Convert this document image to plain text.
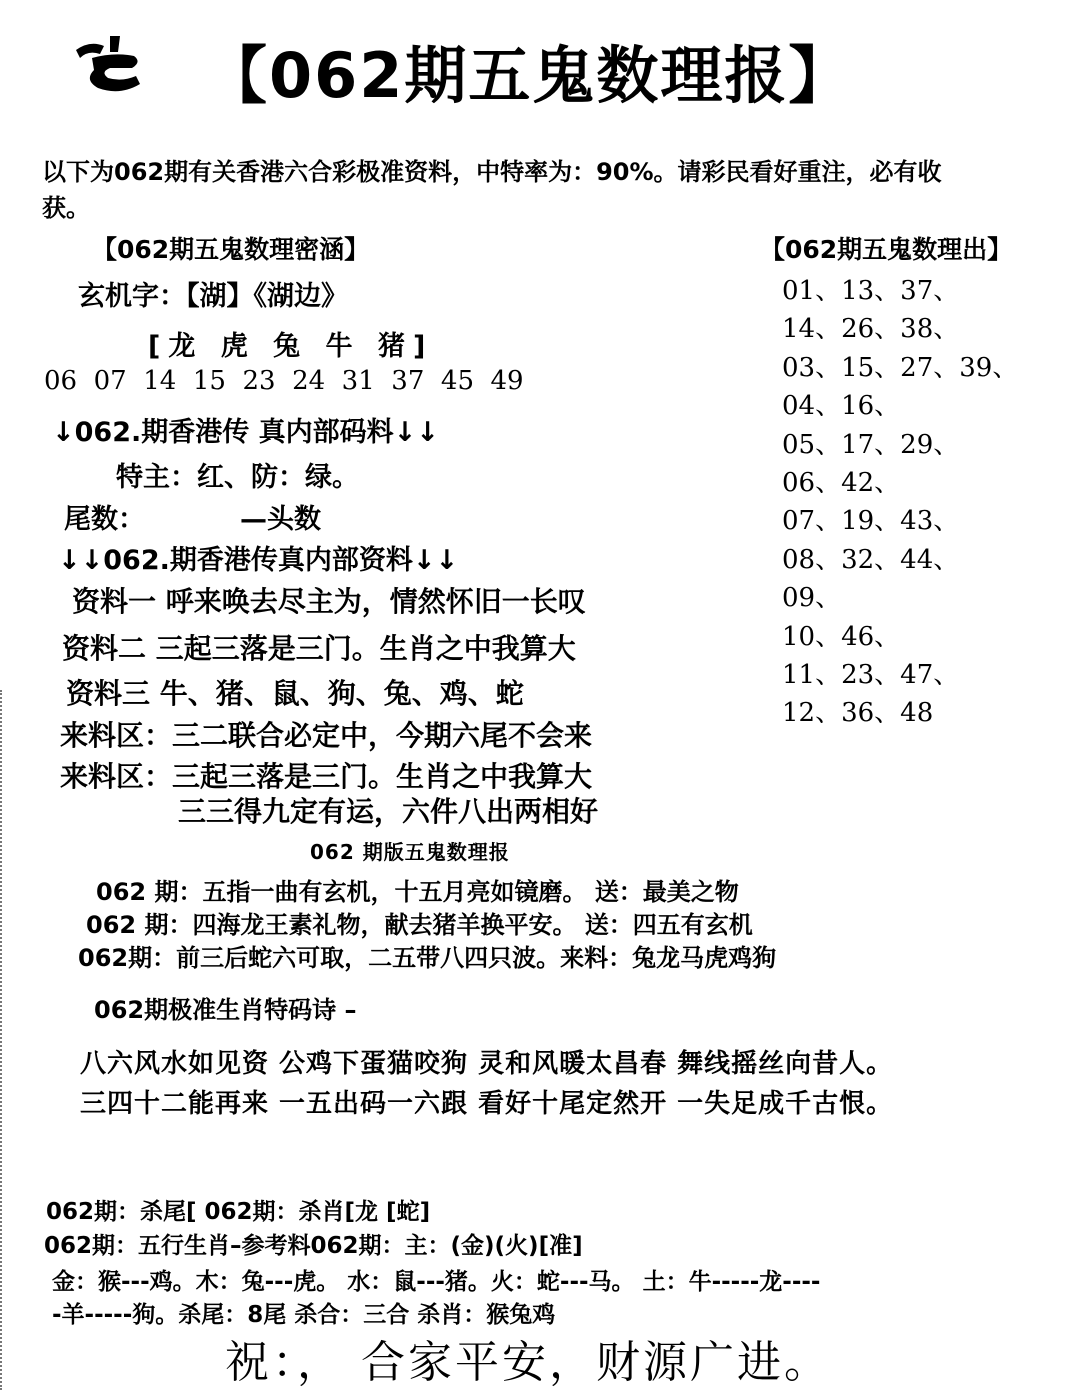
【062期五鬼数理报】
以下为062期有关香港六合彩极准资料，中特率为：90%。请彩民看好重注，必有收
获。
【062期五鬼数理密涵】
玄机字：【湖】《湖边》
[龙 虎 兔 牛 猪]
06  07  14  15  23  24  31  37  45  49
↓062.期香港传 真内部码料↓↓
特主：红、防：绿。
尾数：	—头数
↓↓062.期香港传真内部资料↓↓
资料一 呼来唤去尽主为，情然怀旧一长叹
资料二 三起三落是三门。生肖之中我算大
资料三 牛、猪、鼠、狗、兔、鸡、蛇
来料区：三二联合必定中，今期六尾不会来
来料区：三起三落是三门。生肖之中我算大
三三得九定有运，六件八出两相好
【062期五鬼数理出】
01、13、37、
14、26、38、
03、15、27、39、
04、16、
05、17、29、
06、42、
07、19、43、
08、32、44、
09、
10、46、
11、23、47、
12、36、48
062 期版五鬼数理报
062 期：五指一曲有玄机，十五月亮如镜磨。 送：最美之物
062 期：四海龙王素礼物，献去猪羊换平安。 送：四五有玄机
062期：前三后蛇六可取，二五带八四只波。来料：兔龙马虎鸡狗
062期极准生肖特码诗 –
八六风水如见资 公鸡下蛋猫咬狗 灵和风暖太昌春 舞线摇丝向昔人。
三四十二能再来 一五出码一六跟 看好十尾定然开 一失足成千古恨。
062期：杀尾[ 062期：杀肖[龙 [蛇]
062期：五行生肖–参考料062期：主：(金)(火)[准]
金：猴---鸡。木：兔---虎。 水：鼠---猪。火：蛇---马。 土：牛-----龙----
-羊-----狗。杀尾：8尾 杀合：三合 杀肖：猴兔鸡
祝：， 合家平安，财源广进。
